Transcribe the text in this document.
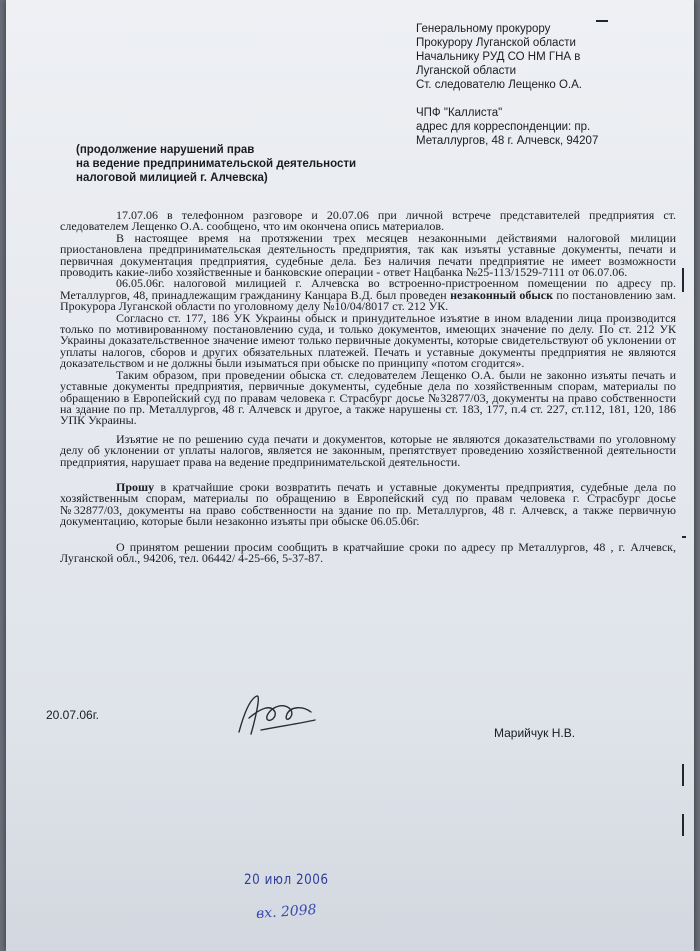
Генеральному прокурору
Прокурору Луганской области
Начальнику РУД СО НМ ГНА в
Луганской области
Ст. следователю Лещенко О.А.
ЧПФ "Каллиста"
адрес для корреспонденции: пр.
Металлургов, 48 г. Алчевск, 94207
(продолжение нарушений прав
на ведение предпринимательской деятельности
налоговой милицией г. Алчевска)

17.07.06 в телефонном разговоре и 20.07.06 при личной встрече представителей предприятия ст. следователем Лещенко О.А. сообщено, что им окончена опись материалов.

В настоящее время на протяжении трех месяцев незаконными действиями налоговой милиции приостановлена предпринимательская деятельность предприятия, так как изъяты уставные документы, печати и первичная документация предприятия, судебные дела. Без наличия печати предприятие не имеет возможности проводить какие-либо хозяйственные и банковские операции - ответ Нацбанка №25-113/1529-7111 от 06.07.06.

06.05.06г. налоговой милицией г. Алчевска во встроенно-пристроенном помещении по адресу пр. Металлургов, 48, принадлежащим гражданину Канцара В.Д. был проведен незаконный обыск по постановлению зам. Прокурора Луганской области по уголовному делу №10/04/8017 ст. 212 УК.

Согласно ст. 177, 186 УК Украины обыск и принудительное изъятие в ином владении лица производится только по мотивированному постановлению суда, и только документов, имеющих значение по делу. По ст. 212 УК Украины доказательственное значение имеют только первичные документы, которые свидетельствуют об уклонении от уплаты налогов, сборов и других обязательных платежей. Печать и уставные документы предприятия не являются доказательством и не должны были изыматься при обыске по принципу «потом сгодится».

Таким образом, при проведении обыска ст. следователем Лещенко О.А. были не законно изъяты печать и уставные документы предприятия, первичные документы, судебные дела по хозяйственным спорам, материалы по обращению в Европейский суд по правам человека г. Страсбург досье №32877/03, документы на право собственности на здание по пр. Металлургов, 48 г. Алчевск и другое, а также нарушены ст. 183, 177, п.4 ст. 227, ст.112, 181, 120, 186 УПК Украины.

Изъятие не по решению суда печати и документов, которые не являются доказательствами по уголовному делу об уклонении от уплаты налогов, является не законным, препятствует проведению хозяйственной деятельности предприятия, нарушает права на ведение предпринимательской деятельности.

Прошу в кратчайшие сроки возвратить печать и уставные документы предприятия, судебные дела по хозяйственным спорам, материалы по обращению в Европейский суд по правам человека г. Страсбург досье №32877/03, документы на право собственности на здание по пр. Металлургов, 48 г. Алчевск, а также первичную документацию, которые были незаконно изъяты при обыске 06.05.06г.

О принятом решении просим сообщить в кратчайшие сроки по адресу пр Металлургов, 48 , г. Алчевск, Луганской обл., 94206, тел. 06442/ 4-25-66, 5-37-87.

20.07.06г.
Марийчук Н.В.
20 июл 2006
вх. 2098
